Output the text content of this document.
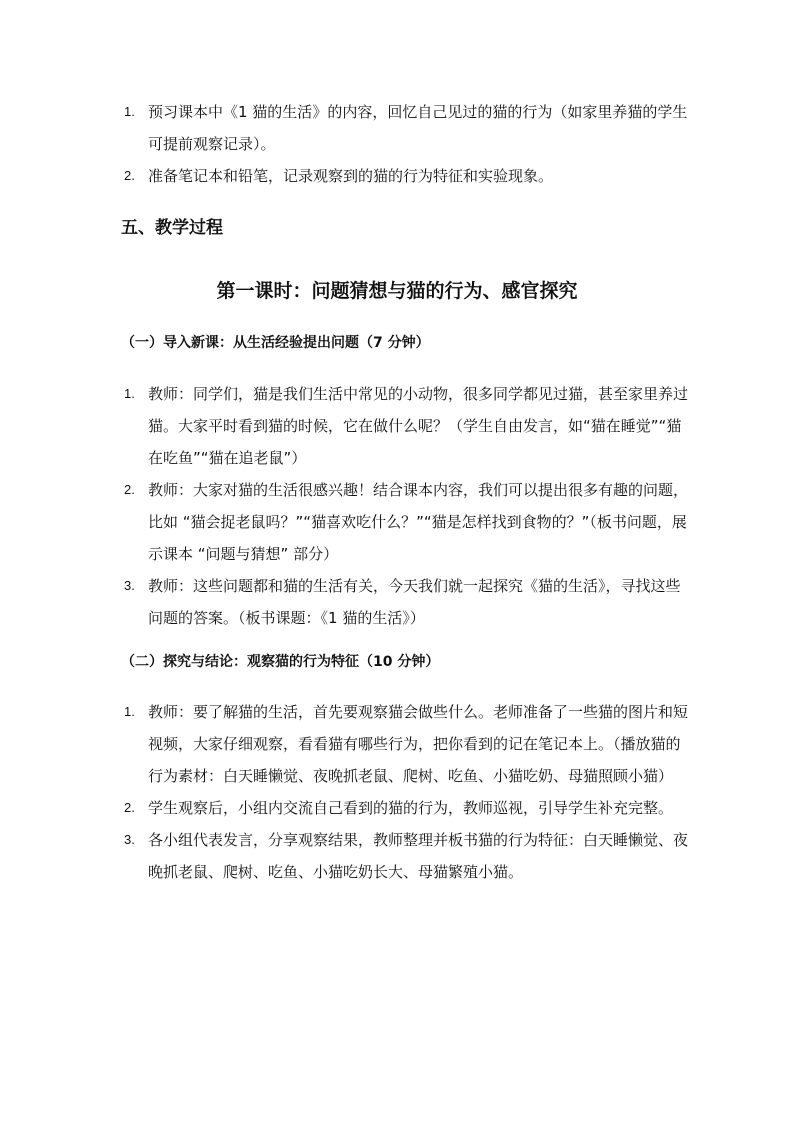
1. 预习课本中《1 猫的生活》的内容，回忆自己见过的猫的行为（如家里养猫的学生可提前观察记录）。
2. 准备笔记本和铅笔，记录观察到的猫的行为特征和实验现象。
五、教学过程
第一课时：问题猜想与猫的行为、感官探究
（一）导入新课：从生活经验提出问题（7 分钟）
1. 教师：同学们，猫是我们生活中常见的小动物，很多同学都见过猫，甚至家里养过猫。大家平时看到猫的时候，它在做什么呢？（学生自由发言，如“猫在睡觉”“猫在吃鱼”“猫在追老鼠”）
2. 教师：大家对猫的生活很感兴趣！结合课本内容，我们可以提出很多有趣的问题，比如 “猫会捉老鼠吗？”“猫喜欢吃什么？”“猫是怎样找到食物的？”（板书问题，展示课本 “问题与猜想” 部分）
3. 教师：这些问题都和猫的生活有关，今天我们就一起探究《猫的生活》，寻找这些问题的答案。（板书课题：《1 猫的生活》）
（二）探究与结论：观察猫的行为特征（10 分钟）
1. 教师：要了解猫的生活，首先要观察猫会做些什么。老师准备了一些猫的图片和短视频，大家仔细观察，看看猫有哪些行为，把你看到的记在笔记本上。（播放猫的行为素材：白天睡懒觉、夜晚抓老鼠、爬树、吃鱼、小猫吃奶、母猫照顾小猫）
2. 学生观察后，小组内交流自己看到的猫的行为，教师巡视，引导学生补充完整。
3. 各小组代表发言，分享观察结果，教师整理并板书猫的行为特征：白天睡懒觉、夜晚抓老鼠、爬树、吃鱼、小猫吃奶长大、母猫繁殖小猫。
